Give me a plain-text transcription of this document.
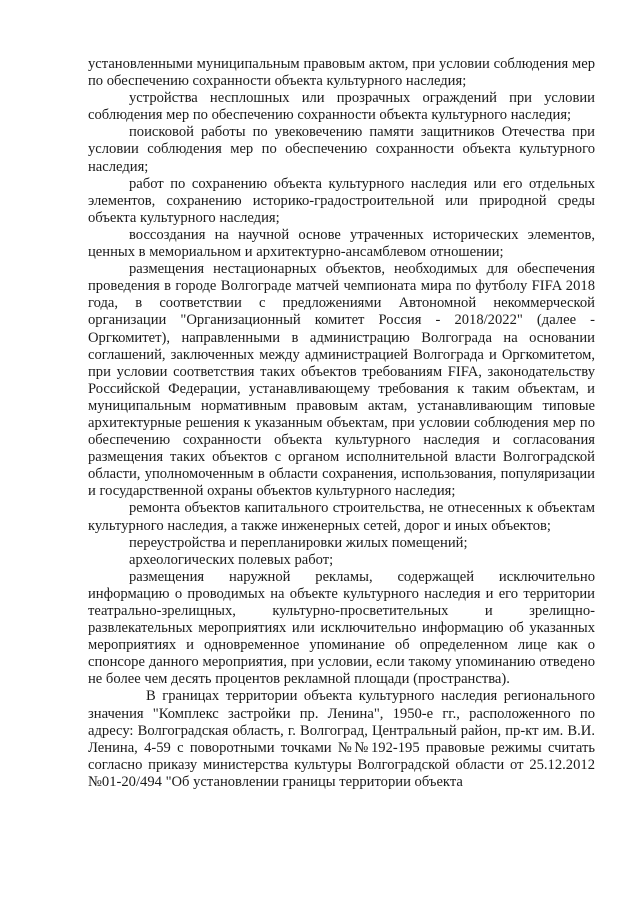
установленными муниципальным правовым актом, при условии соблюдения мер по обеспечению сохранности объекта культурного наследия;

устройства несплошных или прозрачных ограждений при условии соблюдения мер по обеспечению сохранности объекта культурного наследия;

поисковой работы по увековечению памяти защитников Отечества при условии соблюдения мер по обеспечению сохранности объекта культурного наследия;

работ по сохранению объекта культурного наследия или его отдельных элементов, сохранению историко-градостроительной или природной среды объекта культурного наследия;

воссоздания на научной основе утраченных исторических элементов, ценных в мемориальном и архитектурно-ансамблевом отношении;

размещения нестационарных объектов, необходимых для обеспечения проведения в городе Волгограде матчей чемпионата мира по футболу FIFA 2018 года, в соответствии с предложениями Автономной некоммерческой организации "Организационный комитет Россия - 2018/2022" (далее - Оргкомитет), направленными в администрацию Волгограда на основании соглашений, заключенных между администрацией Волгограда и Оргкомитетом, при условии соответствия таких объектов требованиям FIFA, законодательству Российской Федерации, устанавливающему требования к таким объектам, и муниципальным нормативным правовым актам, устанавливающим типовые архитектурные решения к указанным объектам, при условии соблюдения мер по обеспечению сохранности объекта культурного наследия и согласования размещения таких объектов с органом исполнительной власти Волгоградской области, уполномоченным в области сохранения, использования, популяризации и государственной охраны объектов культурного наследия;

ремонта объектов капитального строительства, не отнесенных к объектам культурного наследия, а также инженерных сетей, дорог и иных объектов;

переустройства и перепланировки жилых помещений;

археологических полевых работ;

размещения наружной рекламы, содержащей исключительно информацию о проводимых на объекте культурного наследия и его территории театрально-зрелищных, культурно-просветительных и зрелищно-развлекательных мероприятиях или исключительно информацию об указанных мероприятиях и одновременное упоминание об определенном лице как о спонсоре данного мероприятия, при условии, если такому упоминанию отведено не более чем десять процентов рекламной площади (пространства).

В границах территории объекта культурного наследия регионального значения "Комплекс застройки пр. Ленина", 1950-е гг., расположенного по адресу: Волгоградская область, г. Волгоград, Центральный район, пр-кт им. В.И. Ленина, 4-59 с поворотными точками №№192-195 правовые режимы считать согласно приказу министерства культуры Волгоградской области от 25.12.2012 №01-20/494 "Об установлении границы территории объекта
